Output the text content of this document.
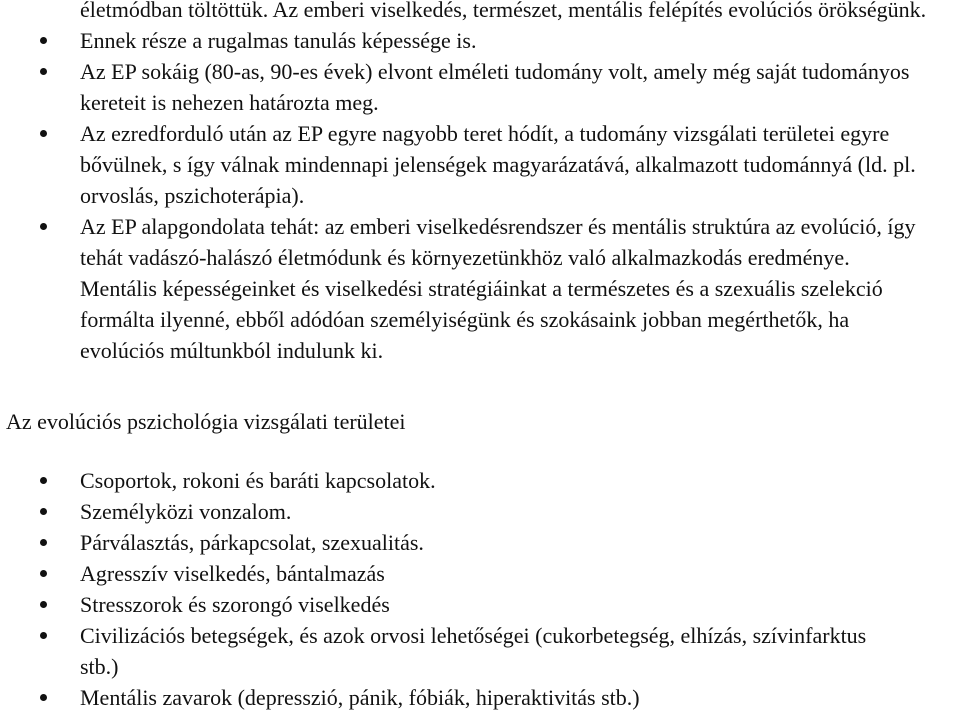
életmódban töltöttük. Az emberi viselkedés, természet, mentális felépítés evolúciós örökségünk.
Ennek része a rugalmas tanulás képessége is.
Az EP sokáig (80-as, 90-es évek) elvont elméleti tudomány volt, amely még saját tudományos kereteit is nehezen határozta meg.
Az ezredforduló után az EP egyre nagyobb teret hódít, a tudomány vizsgálati területei egyre bővülnek, s így válnak mindennapi jelenségek magyarázatává, alkalmazott tudománnyá (ld. pl. orvoslás, pszichoterápia).
Az EP alapgondolata tehát: az emberi viselkedésrendszer és mentális struktúra az evolúció, így tehát vadászó-halászó életmódunk és környezetünkhöz való alkalmazkodás eredménye. Mentális képességeinket és viselkedési stratégiáinkat a természetes és a szexuális szelekció formálta ilyenné, ebből adódóan személyiségünk és szokásaink jobban megérthetők, ha evolúciós múltunkból indulunk ki.
Az evolúciós pszichológia vizsgálati területei
Csoportok, rokoni és baráti kapcsolatok.
Személyközi vonzalom.
Párválasztás, párkapcsolat, szexualitás.
Agresszív viselkedés, bántalmazás
Stresszorok és szorongó viselkedés
Civilizációs betegségek, és azok orvosi lehetőségei (cukorbetegség, elhízás, szívinfarktus stb.)
Mentális zavarok (depresszió, pánik, fóbiák, hiperaktivitás stb.)
